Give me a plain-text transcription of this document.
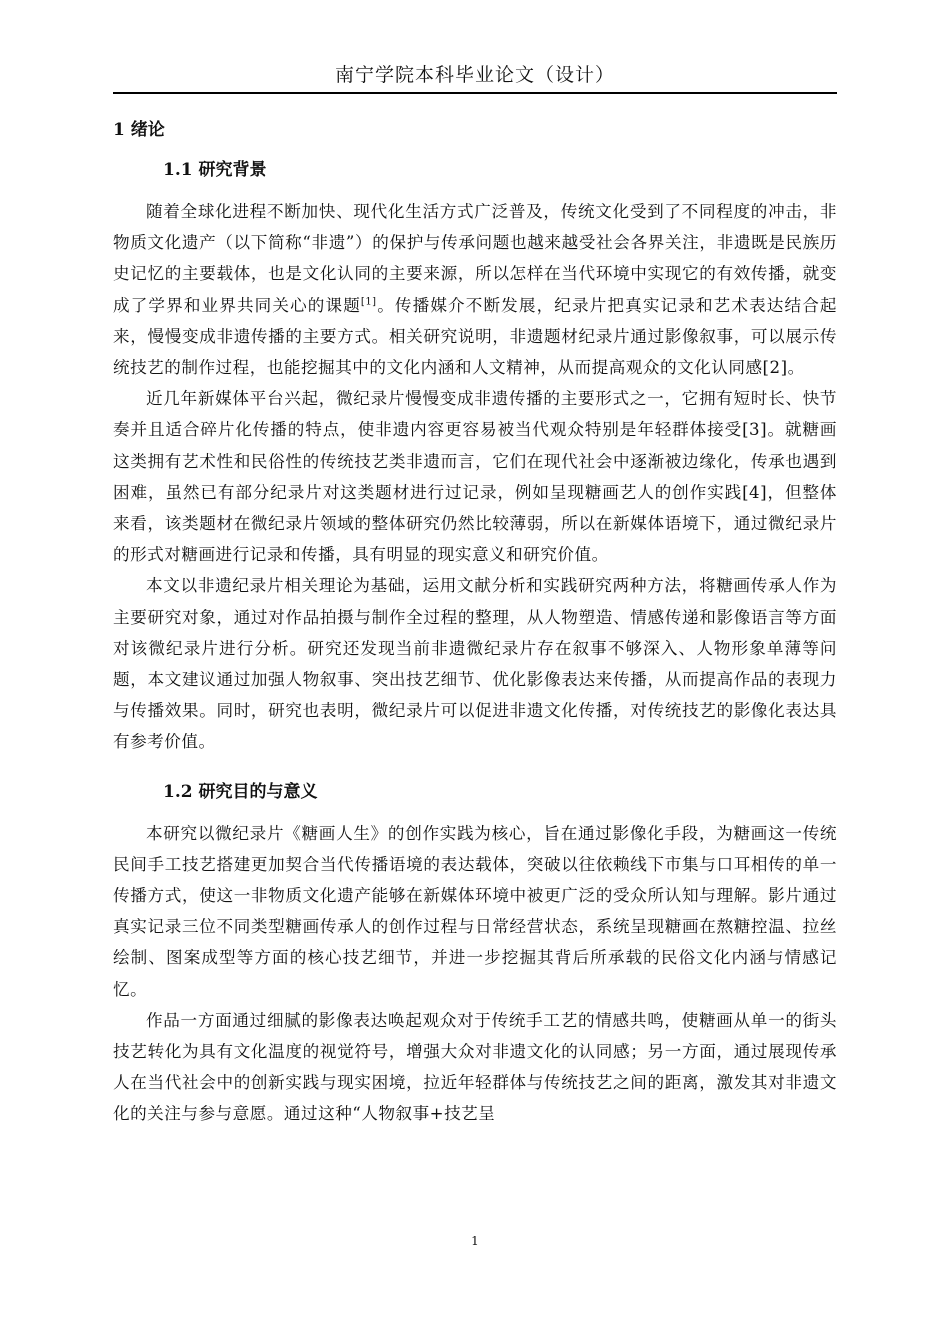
南宁学院本科毕业论文（设计）
1 绪论
1.1 研究背景

随着全球化进程不断加快、现代化生活方式广泛普及，传统文化受到了不同程度的冲击，非物质文化遗产（以下简称“非遗”）的保护与传承问题也越来越受社会各界关注，非遗既是民族历史记忆的主要载体，也是文化认同的主要来源，所以怎样在当代环境中实现它的有效传播，就变成了学界和业界共同关心的课题[1]。传播媒介不断发展，纪录片把真实记录和艺术表达结合起来，慢慢变成非遗传播的主要方式。相关研究说明，非遗题材纪录片通过影像叙事，可以展示传统技艺的制作过程，也能挖掘其中的文化内涵和人文精神，从而提高观众的文化认同感[2]。

近几年新媒体平台兴起，微纪录片慢慢变成非遗传播的主要形式之一，它拥有短时长、快节奏并且适合碎片化传播的特点，使非遗内容更容易被当代观众特别是年轻群体接受[3]。就糖画这类拥有艺术性和民俗性的传统技艺类非遗而言，它们在现代社会中逐渐被边缘化，传承也遇到困难，虽然已有部分纪录片对这类题材进行过记录，例如呈现糖画艺人的创作实践[4]，但整体来看，该类题材在微纪录片领域的整体研究仍然比较薄弱，所以在新媒体语境下，通过微纪录片的形式对糖画进行记录和传播，具有明显的现实意义和研究价值。

本文以非遗纪录片相关理论为基础，运用文献分析和实践研究两种方法，将糖画传承人作为主要研究对象，通过对作品拍摄与制作全过程的整理，从人物塑造、情感传递和影像语言等方面对该微纪录片进行分析。研究还发现当前非遗微纪录片存在叙事不够深入、人物形象单薄等问题，本文建议通过加强人物叙事、突出技艺细节、优化影像表达来传播，从而提高作品的表现力与传播效果。同时，研究也表明，微纪录片可以促进非遗文化传播，对传统技艺的影像化表达具有参考价值。

1.2 研究目的与意义

本研究以微纪录片《糖画人生》的创作实践为核心，旨在通过影像化手段，为糖画这一传统民间手工技艺搭建更加契合当代传播语境的表达载体，突破以往依赖线下市集与口耳相传的单一传播方式，使这一非物质文化遗产能够在新媒体环境中被更广泛的受众所认知与理解。影片通过真实记录三位不同类型糖画传承人的创作过程与日常经营状态，系统呈现糖画在熬糖控温、拉丝绘制、图案成型等方面的核心技艺细节，并进一步挖掘其背后所承载的民俗文化内涵与情感记忆。

作品一方面通过细腻的影像表达唤起观众对于传统手工艺的情感共鸣，使糖画从单一的街头技艺转化为具有文化温度的视觉符号，增强大众对非遗文化的认同感；另一方面，通过展现传承人在当代社会中的创新实践与现实困境，拉近年轻群体与传统技艺之间的距离，激发其对非遗文化的关注与参与意愿。通过这种“人物叙事+技艺呈

1
